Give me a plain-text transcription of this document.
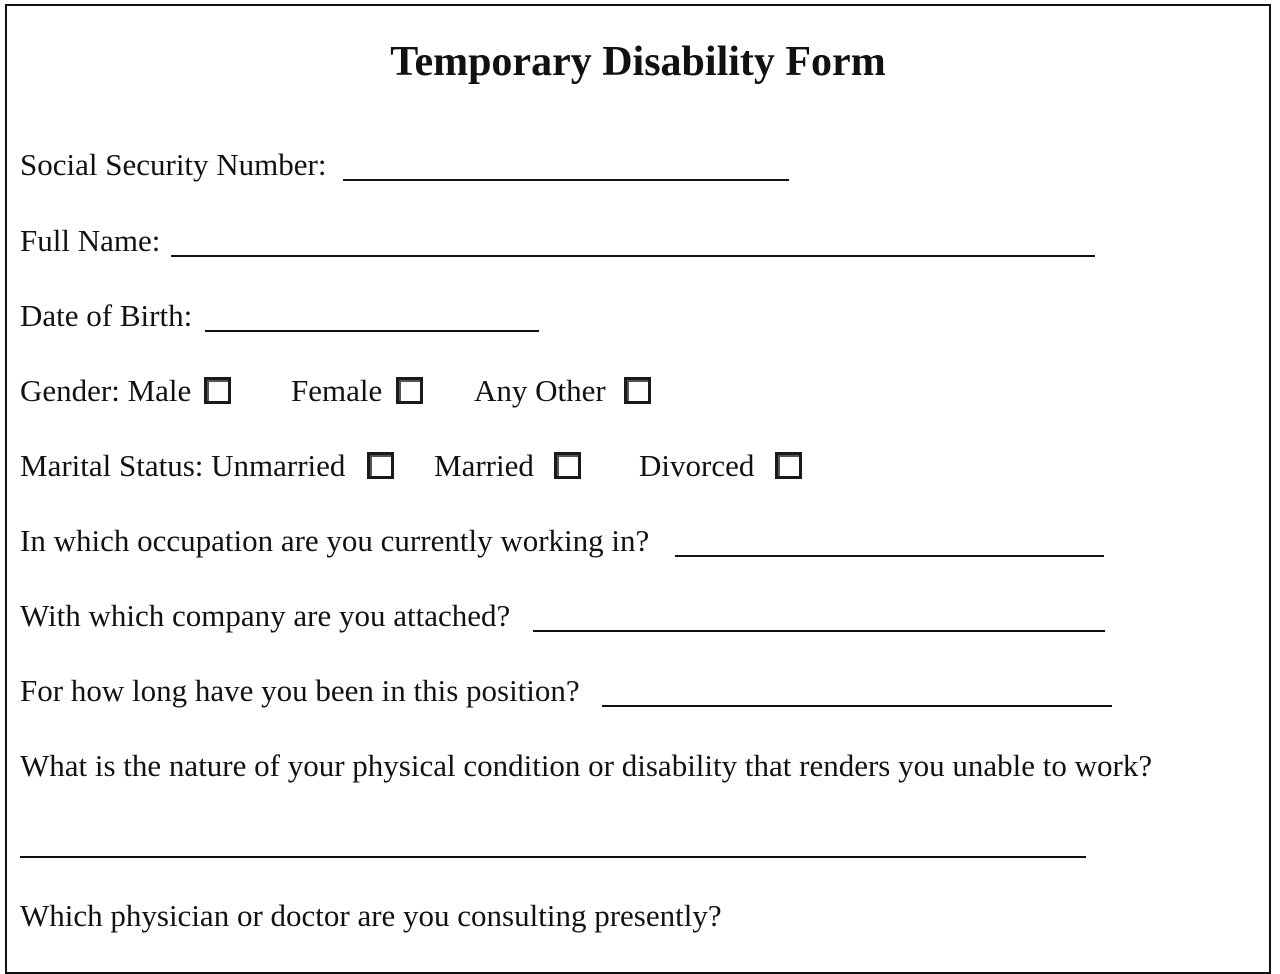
Temporary Disability Form
Social Security Number:
Full Name:
Date of Birth:
Gender: Male	Female	Any Other
Marital Status: Unmarried	Married	Divorced
In which occupation are you currently working in?
With which company are you attached?
For how long have you been in this position?
What is the nature of your physical condition or disability that renders you unable to work?
Which physician or doctor are you consulting presently?
